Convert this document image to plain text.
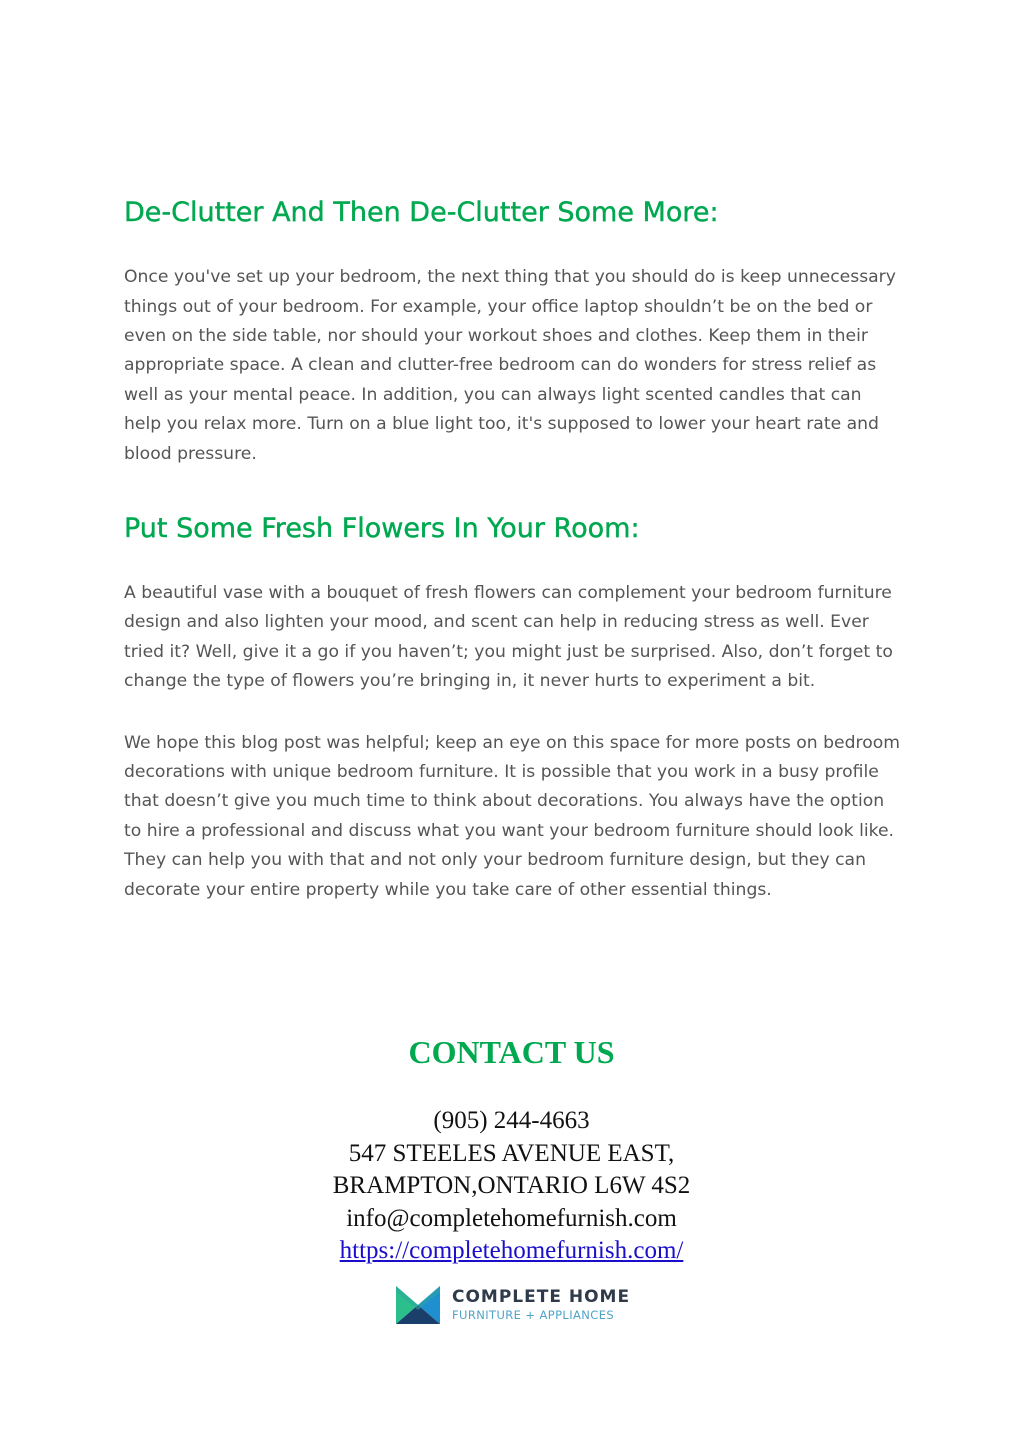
De-Clutter And Then De-Clutter Some More:

Once you've set up your bedroom, the next thing that you should do is keep unnecessary things out of your bedroom. For example, your office laptop shouldn’t be on the bed or even on the side table, nor should your workout shoes and clothes. Keep them in their appropriate space. A clean and clutter-free bedroom can do wonders for stress relief as well as your mental peace. In addition, you can always light scented candles that can help you relax more. Turn on a blue light too, it's supposed to lower your heart rate and blood pressure.

Put Some Fresh Flowers In Your Room:

A beautiful vase with a bouquet of fresh flowers can complement your bedroom furniture design and also lighten your mood, and scent can help in reducing stress as well. Ever tried it? Well, give it a go if you haven’t; you might just be surprised. Also, don’t forget to change the type of flowers you’re bringing in, it never hurts to experiment a bit.

We hope this blog post was helpful; keep an eye on this space for more posts on bedroom decorations with unique bedroom furniture. It is possible that you work in a busy profile that doesn’t give you much time to think about decorations. You always have the option to hire a professional and discuss what you want your bedroom furniture should look like. They can help you with that and not only your bedroom furniture design, but they can decorate your entire property while you take care of other essential things.

CONTACT US
(905) 244-4663
547 STEELES AVENUE EAST,
BRAMPTON,ONTARIO L6W 4S2
info@completehomefurnish.com
https://completehomefurnish.com/
COMPLETE HOME
FURNITURE + APPLIANCES
